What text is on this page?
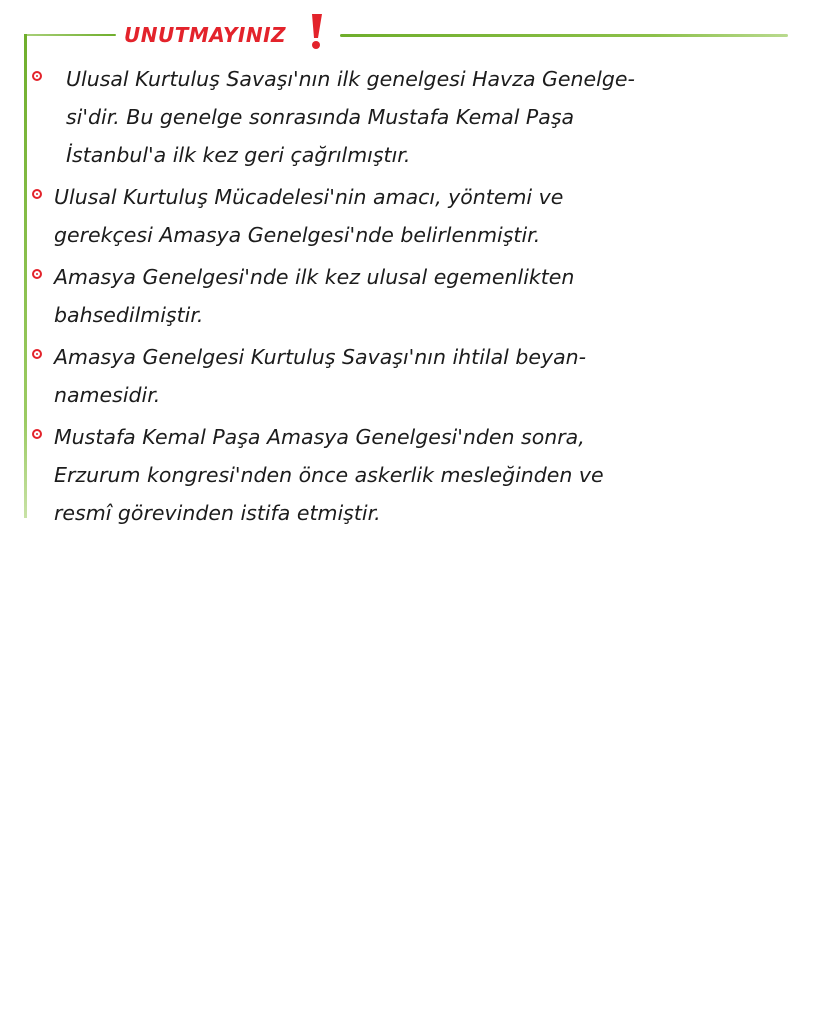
UNUTMAYINIZ
Ulusal Kurtuluş Savaşı'nın ilk genelgesi Havza Genelge-
si'dir. Bu genelge sonrasında Mustafa Kemal Paşa
İstanbul'a ilk kez geri çağrılmıştır.
Ulusal Kurtuluş Mücadelesi'nin amacı, yöntemi ve
gerekçesi Amasya Genelgesi'nde belirlenmiştir.
Amasya Genelgesi'nde ilk kez ulusal egemenlikten
bahsedilmiştir.
Amasya Genelgesi Kurtuluş Savaşı'nın ihtilal beyan-
namesidir.
Mustafa Kemal Paşa Amasya Genelgesi'nden sonra,
Erzurum kongresi'nden önce askerlik mesleğinden ve
resmî görevinden istifa etmiştir.
